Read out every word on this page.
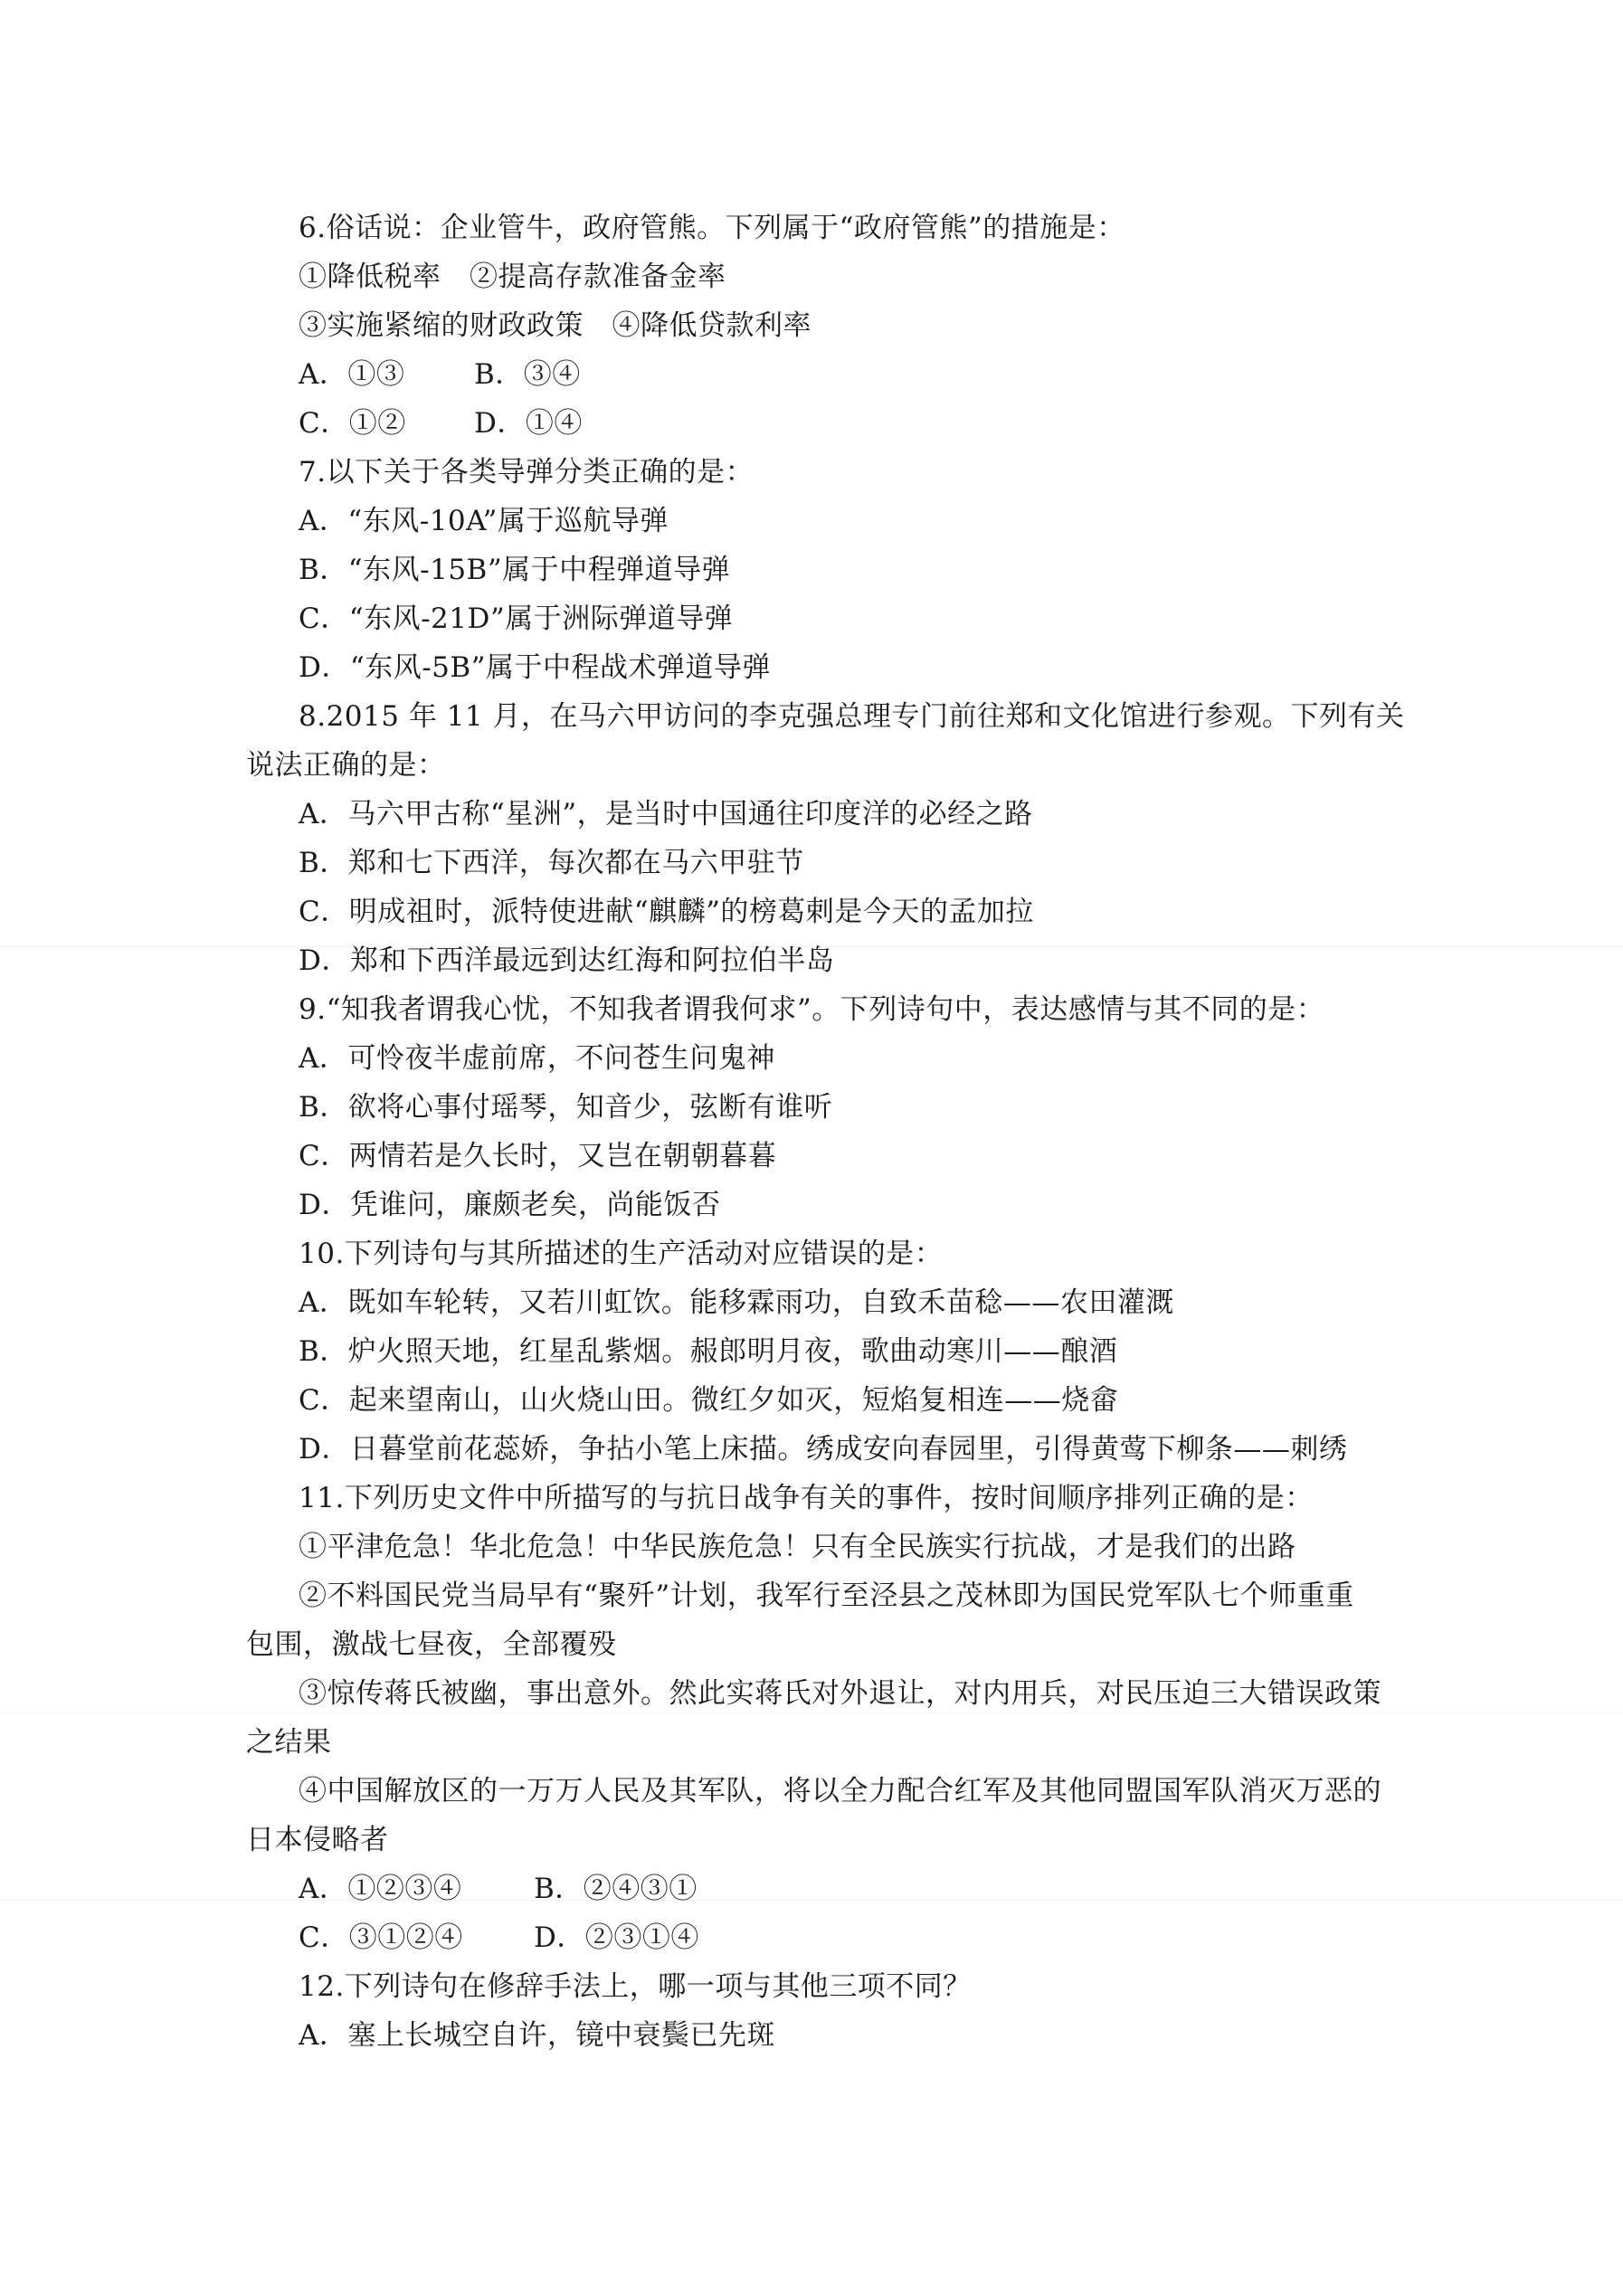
6.俗话说：企业管牛，政府管熊。下列属于“政府管熊”的措施是：
①降低税率　②提高存款准备金率
③实施紧缩的财政政策　④降低贷款利率
A．①③ B．③④
C．①② D．①④
7.以下关于各类导弹分类正确的是：
A．“东风-10A”属于巡航导弹
B．“东风-15B”属于中程弹道导弹
C．“东风-21D”属于洲际弹道导弹
D．“东风-5B”属于中程战术弹道导弹
8.2015 年 11 月，在马六甲访问的李克强总理专门前往郑和文化馆进行参观。下列有关
说法正确的是：
A．马六甲古称“星洲”，是当时中国通往印度洋的必经之路
B．郑和七下西洋，每次都在马六甲驻节
C．明成祖时，派特使进献“麒麟”的榜葛剌是今天的孟加拉
D．郑和下西洋最远到达红海和阿拉伯半岛
9.“知我者谓我心忧，不知我者谓我何求”。下列诗句中，表达感情与其不同的是：
A．可怜夜半虚前席，不问苍生问鬼神
B．欲将心事付瑶琴，知音少，弦断有谁听
C．两情若是久长时，又岂在朝朝暮暮
D．凭谁问，廉颇老矣，尚能饭否
10.下列诗句与其所描述的生产活动对应错误的是：
A．既如车轮转，又若川虹饮。能移霖雨功，自致禾苗稔——农田灌溉
B．炉火照天地，红星乱紫烟。赧郎明月夜，歌曲动寒川——酿酒
C．起来望南山，山火烧山田。微红夕如灭，短焰复相连——烧畲
D．日暮堂前花蕊娇，争拈小笔上床描。绣成安向春园里，引得黄莺下柳条——刺绣
11.下列历史文件中所描写的与抗日战争有关的事件，按时间顺序排列正确的是：
①平津危急！华北危急！中华民族危急！只有全民族实行抗战，才是我们的出路
②不料国民党当局早有“聚歼”计划，我军行至泾县之茂林即为国民党军队七个师重重
包围，激战七昼夜，全部覆殁
③惊传蒋氏被幽，事出意外。然此实蒋氏对外退让，对内用兵，对民压迫三大错误政策
之结果
④中国解放区的一万万人民及其军队，将以全力配合红军及其他同盟国军队消灭万恶的
日本侵略者
A．①②③④	B．②④③①
C．③①②④	D．②③①④
12.下列诗句在修辞手法上，哪一项与其他三项不同？
A．塞上长城空自许，镜中衰鬓已先斑
